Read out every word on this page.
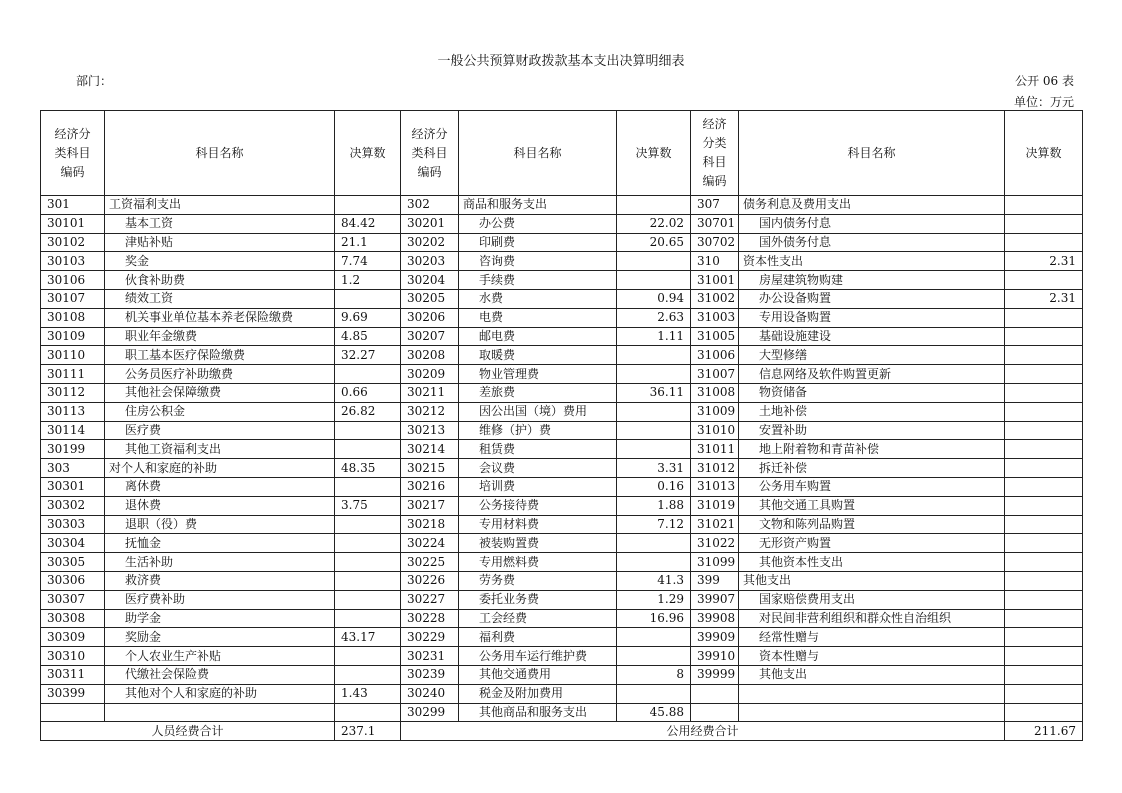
一般公共预算财政拨款基本支出决算明细表
部门：	公开 06 表
单位：万元
经济分类科目编码	科目名称	决算数	经济分类科目编码	科目名称	决算数	经济分类科目编码	科目名称	决算数
301	工资福利支出		302	商品和服务支出		307	债务利息及费用支出	
30101	基本工资	84.42	30201	办公费	22.02	30701	国内债务付息	
30102	津贴补贴	21.1	30202	印刷费	20.65	30702	国外债务付息	
30103	奖金	7.74	30203	咨询费		310	资本性支出	2.31
30106	伙食补助费	1.2	30204	手续费		31001	房屋建筑物购建	
30107	绩效工资		30205	水费	0.94	31002	办公设备购置	2.31
30108	机关事业单位基本养老保险缴费	9.69	30206	电费	2.63	31003	专用设备购置	
30109	职业年金缴费	4.85	30207	邮电费	1.11	31005	基础设施建设	
30110	职工基本医疗保险缴费	32.27	30208	取暖费		31006	大型修缮	
30111	公务员医疗补助缴费		30209	物业管理费		31007	信息网络及软件购置更新	
30112	其他社会保障缴费	0.66	30211	差旅费	36.11	31008	物资储备	
30113	住房公积金	26.82	30212	因公出国（境）费用		31009	土地补偿	
30114	医疗费		30213	维修（护）费		31010	安置补助	
30199	其他工资福利支出		30214	租赁费		31011	地上附着物和青苗补偿	
303	对个人和家庭的补助	48.35	30215	会议费	3.31	31012	拆迁补偿	
30301	离休费		30216	培训费	0.16	31013	公务用车购置	
30302	退休费	3.75	30217	公务接待费	1.88	31019	其他交通工具购置	
30303	退职（役）费		30218	专用材料费	7.12	31021	文物和陈列品购置	
30304	抚恤金		30224	被装购置费		31022	无形资产购置	
30305	生活补助		30225	专用燃料费		31099	其他资本性支出	
30306	救济费		30226	劳务费	41.3	399	其他支出	
30307	医疗费补助		30227	委托业务费	1.29	39907	国家赔偿费用支出	
30308	助学金		30228	工会经费	16.96	39908	对民间非营利组织和群众性自治组织	
30309	奖励金	43.17	30229	福利费		39909	经常性赠与	
30310	个人农业生产补贴		30231	公务用车运行维护费		39910	资本性赠与	
30311	代缴社会保险费		30239	其他交通费用	8	39999	其他支出	
30399	其他对个人和家庭的补助	1.43	30240	税金及附加费用				
			30299	其他商品和服务支出	45.88			
人员经费合计		237.1	公用经费合计					211.67
